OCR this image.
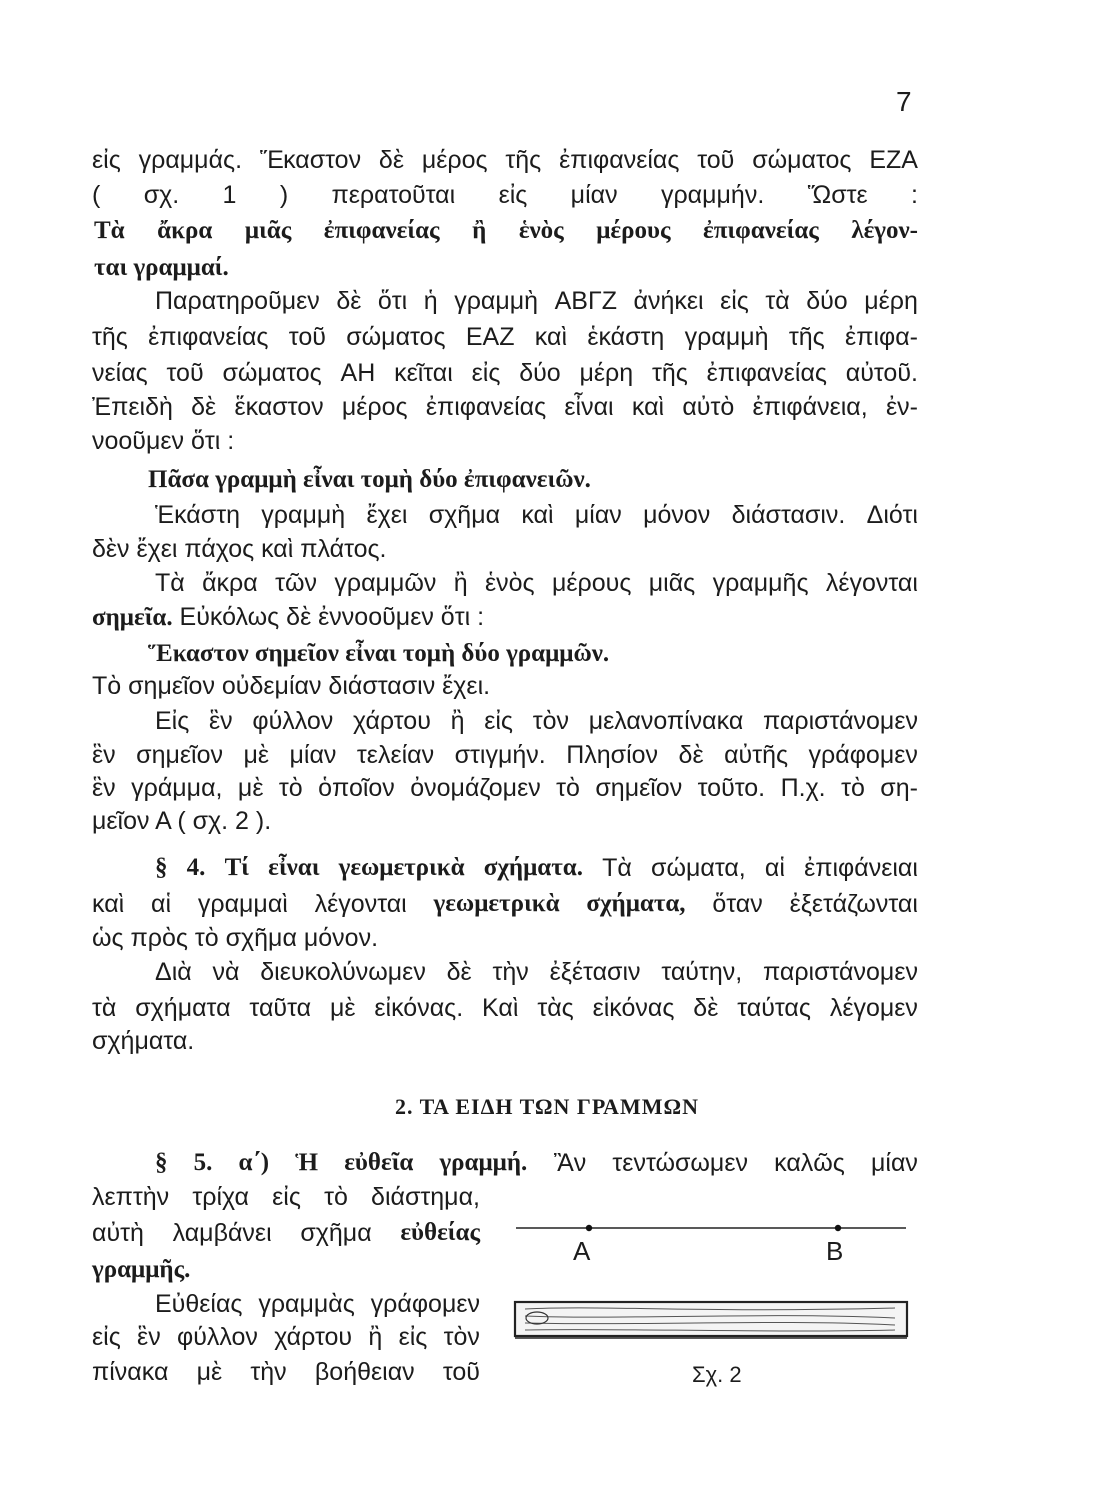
7
εἰς γραμμάς. Ἕκαστον δὲ μέρος τῆς ἐπιφανείας τοῦ σώματος ΕΖΑ
( σχ. 1 ) περατοῦται εἰς μίαν γραμμήν. Ὥστε :
Τὰ ἄκρα μιᾶς ἐπιφανείας ἢ ἑνὸς μέρους ἐπιφανείας λέγον-
ται γραμμαί.
Παρατηροῦμεν δὲ ὅτι ἡ γραμμὴ ΑΒΓΖ ἀνήκει εἰς τὰ δύο μέρη
τῆς ἐπιφανείας τοῦ σώματος ΕΑΖ καὶ ἑκάστη γραμμὴ τῆς ἐπιφα-
νείας τοῦ σώματος ΑΗ κεῖται εἰς δύο μέρη τῆς ἐπιφανείας αὐτοῦ.
Ἐπειδὴ δὲ ἕκαστον μέρος ἐπιφανείας εἶναι καὶ αὐτὸ ἐπιφάνεια, ἐν-
νοοῦμεν ὅτι :
Πᾶσα γραμμὴ εἶναι τομὴ δύο ἐπιφανειῶν.
Ἑκάστη γραμμὴ ἔχει σχῆμα καὶ μίαν μόνον διάστασιν. Διότι
δὲν ἔχει πάχος καὶ πλάτος.
Τὰ ἄκρα τῶν γραμμῶν ἢ ἑνὸς μέρους μιᾶς γραμμῆς λέγονται
σημεῖα. Εὐκόλως δὲ ἐννοοῦμεν ὅτι :
Ἕκαστον σημεῖον εἶναι τομὴ δύο γραμμῶν.
Τὸ σημεῖον οὐδεμίαν διάστασιν ἔχει.
Εἰς ἓν φύλλον χάρτου ἢ εἰς τὸν μελανοπίνακα παριστάνομεν
ἓν σημεῖον μὲ μίαν τελείαν στιγμήν. Πλησίον δὲ αὐτῆς γράφομεν
ἓν γράμμα, μὲ τὸ ὁποῖον ὀνομάζομεν τὸ σημεῖον τοῦτο. Π.χ. τὸ ση-
μεῖον Α ( σχ. 2 ).
§ 4. Τί εἶναι γεωμετρικὰ σχήματα. Τὰ σώματα, αἱ ἐπιφάνειαι
καὶ αἱ γραμμαὶ λέγονται γεωμετρικὰ σχήματα, ὅταν ἐξετάζωνται
ὡς πρὸς τὸ σχῆμα μόνον.
Διὰ νὰ διευκολύνωμεν δὲ τὴν ἐξέτασιν ταύτην, παριστάνομεν
τὰ σχήματα ταῦτα μὲ εἰκόνας. Καὶ τὰς εἰκόνας δὲ ταύτας λέγομεν
σχήματα.
§ 5. α΄) Ἡ εὐθεῖα γραμμή. Ἂν τεντώσωμεν καλῶς μίαν
λεπτὴν τρίχα εἰς τὸ διάστημα,
αὐτὴ λαμβάνει σχῆμα εὐθείας
γραμμῆς.
Εὐθείας γραμμὰς γράφομεν
εἰς ἓν φύλλον χάρτου ἢ εἰς τὸν
πίνακα μὲ τὴν βοήθειαν τοῦ
2. ΤΑ ΕΙΔΗ ΤΩΝ ΓΡΑΜΜΩΝ
Α	Β
Σχ. 2
